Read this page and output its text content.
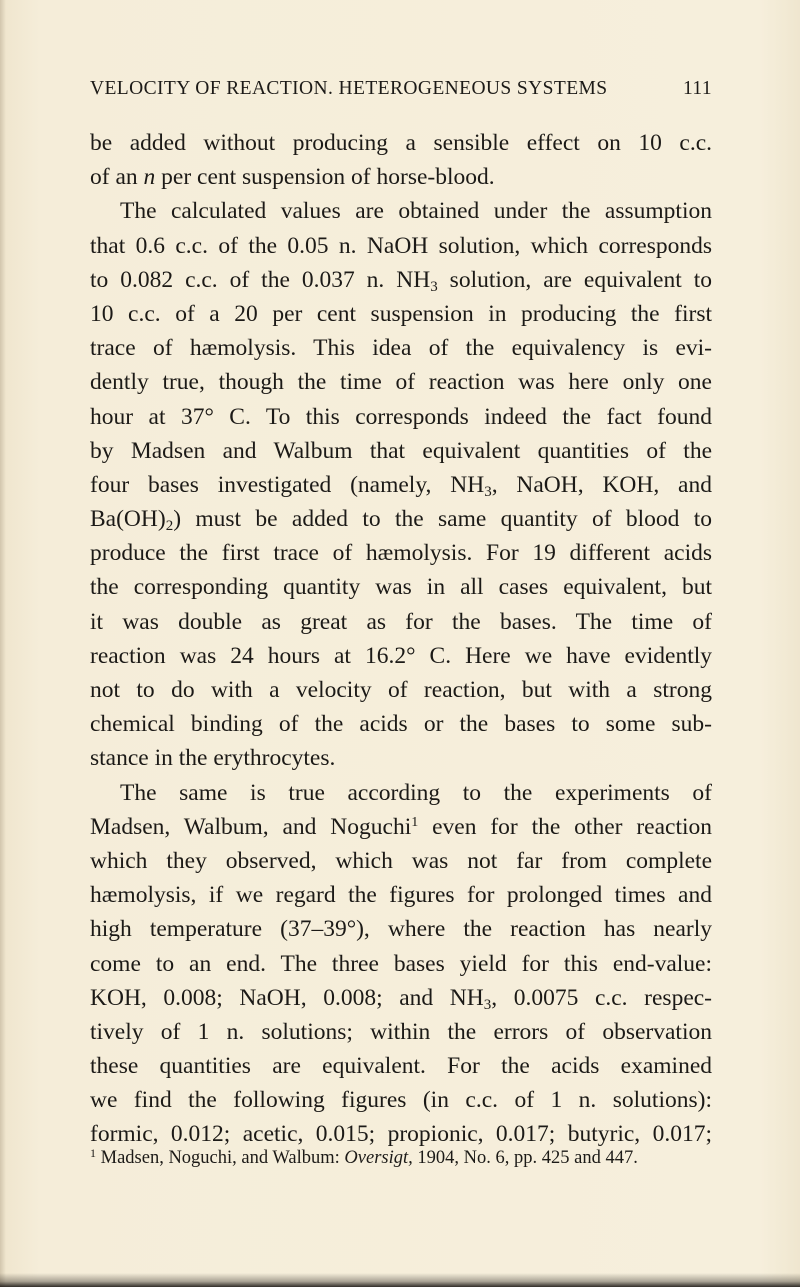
VELOCITY OF REACTION. HETEROGENEOUS SYSTEMS	111
be added without producing a sensible effect on 10 c.c.
of an n per cent suspension of horse-blood.
The calculated values are obtained under the assumption
that 0.6 c.c. of the 0.05 n. NaOH solution, which corresponds
to 0.082 c.c. of the 0.037 n. $NH_3$ solution, are equivalent to
10 c.c. of a 20 per cent suspension in producing the first
trace of hæmolysis. This idea of the equivalency is evi-
dently true, though the time of reaction was here only one
hour at 37° C. To this corresponds indeed the fact found
by Madsen and Walbum that equivalent quantities of the
four bases investigated (namely, $NH_3$, NaOH, KOH, and
$Ba(OH)_2$) must be added to the same quantity of blood to
produce the first trace of hæmolysis. For 19 different acids
the corresponding quantity was in all cases equivalent, but
it was double as great as for the bases. The time of
reaction was 24 hours at 16.2° C. Here we have evidently
not to do with a velocity of reaction, but with a strong
chemical binding of the acids or the bases to some sub-
stance in the erythrocytes.
The same is true according to the experiments of
Madsen, Walbum, and Noguchi$^1$ even for the other reaction
which they observed, which was not far from complete
hæmolysis, if we regard the figures for prolonged times and
high temperature (37–39°), where the reaction has nearly
come to an end. The three bases yield for this end-value:
KOH, 0.008; NaOH, 0.008; and $NH_3$, 0.0075 c.c. respec-
tively of 1 n. solutions; within the errors of observation
these quantities are equivalent. For the acids examined
we find the following figures (in c.c. of 1 n. solutions):
formic, 0.012; acetic, 0.015; propionic, 0.017; butyric, 0.017;
$^1$ Madsen, Noguchi, and Walbum: Oversigt, 1904, No. 6, pp. 425 and 447.
